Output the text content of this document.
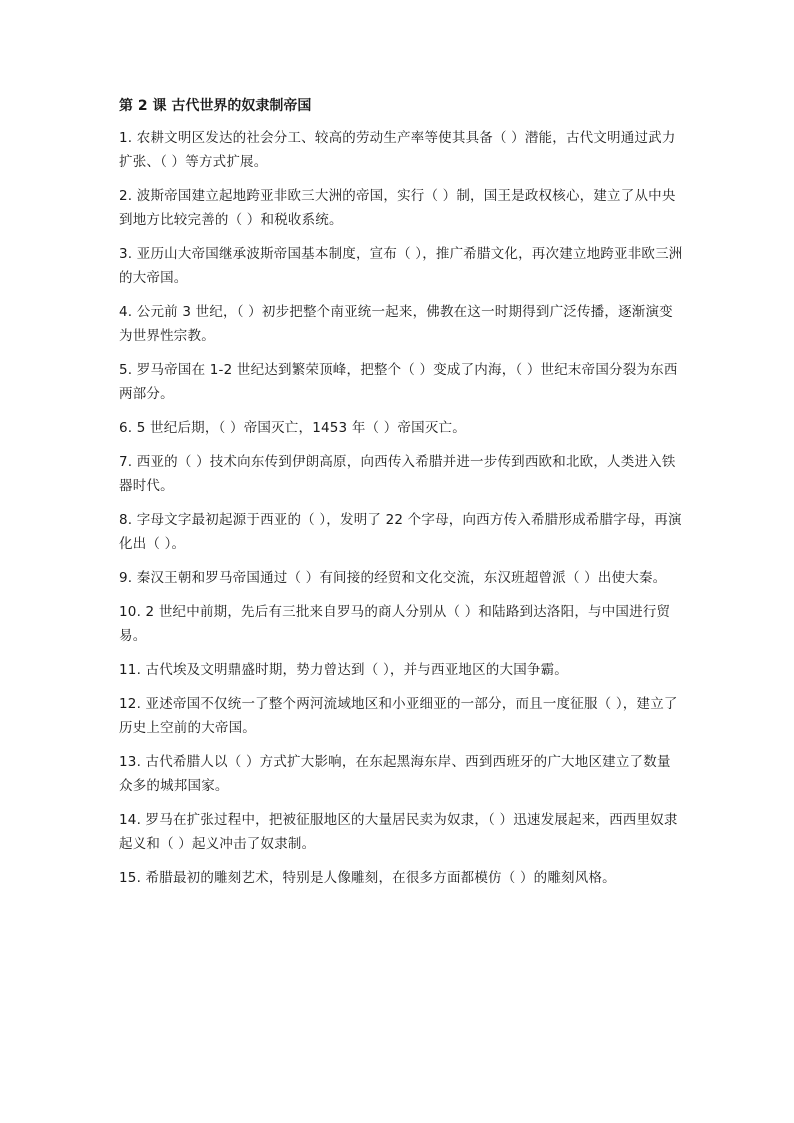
第 2 课 古代世界的奴隶制帝国
1. 农耕文明区发达的社会分工、较高的劳动生产率等使其具备（ ）潜能，古代文明通过武力扩张、（ ）等方式扩展。
2. 波斯帝国建立起地跨亚非欧三大洲的帝国，实行（ ）制，国王是政权核心，建立了从中央到地方比较完善的（ ）和税收系统。
3. 亚历山大帝国继承波斯帝国基本制度，宣布（ ），推广希腊文化，再次建立地跨亚非欧三洲的大帝国。
4. 公元前 3 世纪，（ ）初步把整个南亚统一起来，佛教在这一时期得到广泛传播，逐渐演变为世界性宗教。
5. 罗马帝国在 1-2 世纪达到繁荣顶峰，把整个（ ）变成了内海，（ ）世纪末帝国分裂为东西两部分。
6. 5 世纪后期，（ ）帝国灭亡，1453 年（ ）帝国灭亡。
7. 西亚的（ ）技术向东传到伊朗高原，向西传入希腊并进一步传到西欧和北欧，人类进入铁器时代。
8. 字母文字最初起源于西亚的（ ），发明了 22 个字母，向西方传入希腊形成希腊字母，再演化出（ ）。
9. 秦汉王朝和罗马帝国通过（ ）有间接的经贸和文化交流，东汉班超曾派（ ）出使大秦。
10. 2 世纪中前期，先后有三批来自罗马的商人分别从（ ）和陆路到达洛阳，与中国进行贸易。
11. 古代埃及文明鼎盛时期，势力曾达到（ ），并与西亚地区的大国争霸。
12. 亚述帝国不仅统一了整个两河流域地区和小亚细亚的一部分，而且一度征服（ ），建立了历史上空前的大帝国。
13. 古代希腊人以（ ）方式扩大影响，在东起黑海东岸、西到西班牙的广大地区建立了数量众多的城邦国家。
14. 罗马在扩张过程中，把被征服地区的大量居民卖为奴隶，（ ）迅速发展起来，西西里奴隶起义和（ ）起义冲击了奴隶制。
15. 希腊最初的雕刻艺术，特别是人像雕刻，在很多方面都模仿（ ）的雕刻风格。
